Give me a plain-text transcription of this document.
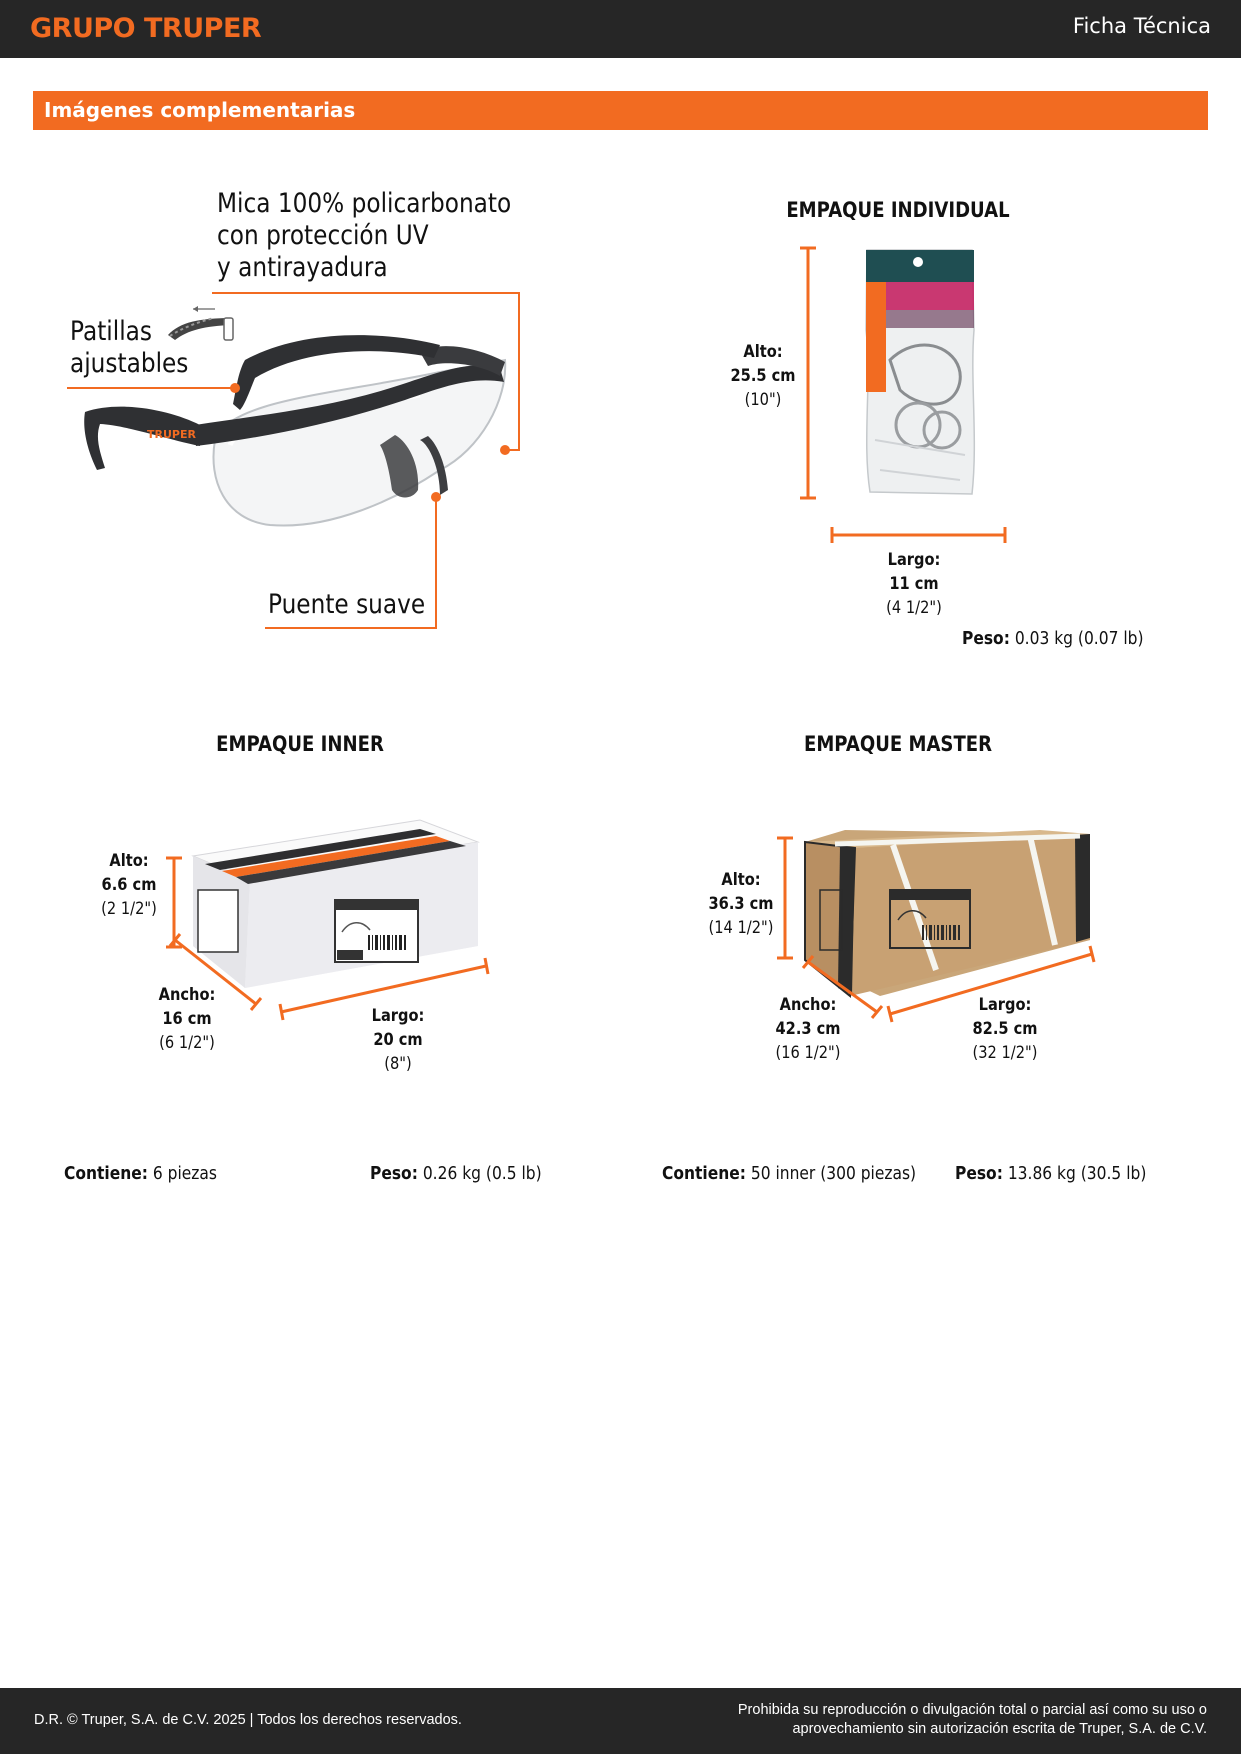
GRUPO TRUPER	Ficha Técnica
Imágenes complementarias
TRUPER
Mica 100% policarbonato
con protección UV
y antirayadura
Patillas
ajustables
Puente suave
EMPAQUE INDIVIDUAL
Alto:
25.5 cm
(10")
Largo:
11 cm
(4 1/2")
Peso: 0.03 kg (0.07 lb)
EMPAQUE INNER
Alto:
6.6 cm
(2 1/2")
Ancho:
16 cm
(6 1/2")
Largo:
20 cm
(8")
Contiene: 6 piezas	Peso: 0.26 kg (0.5 lb)
EMPAQUE MASTER
Alto:
36.3 cm
(14 1/2")
Ancho:
42.3 cm
(16 1/2")
Largo:
82.5 cm
(32 1/2")
Contiene: 50 inner (300 piezas) Peso: 13.86 kg (30.5 lb)
D.R. © Truper, S.A. de C.V. 2025 | Todos los derechos reservados.
Prohibida su reproducción o divulgación total o parcial así como su uso o
aprovechamiento sin autorización escrita de Truper, S.A. de C.V.
